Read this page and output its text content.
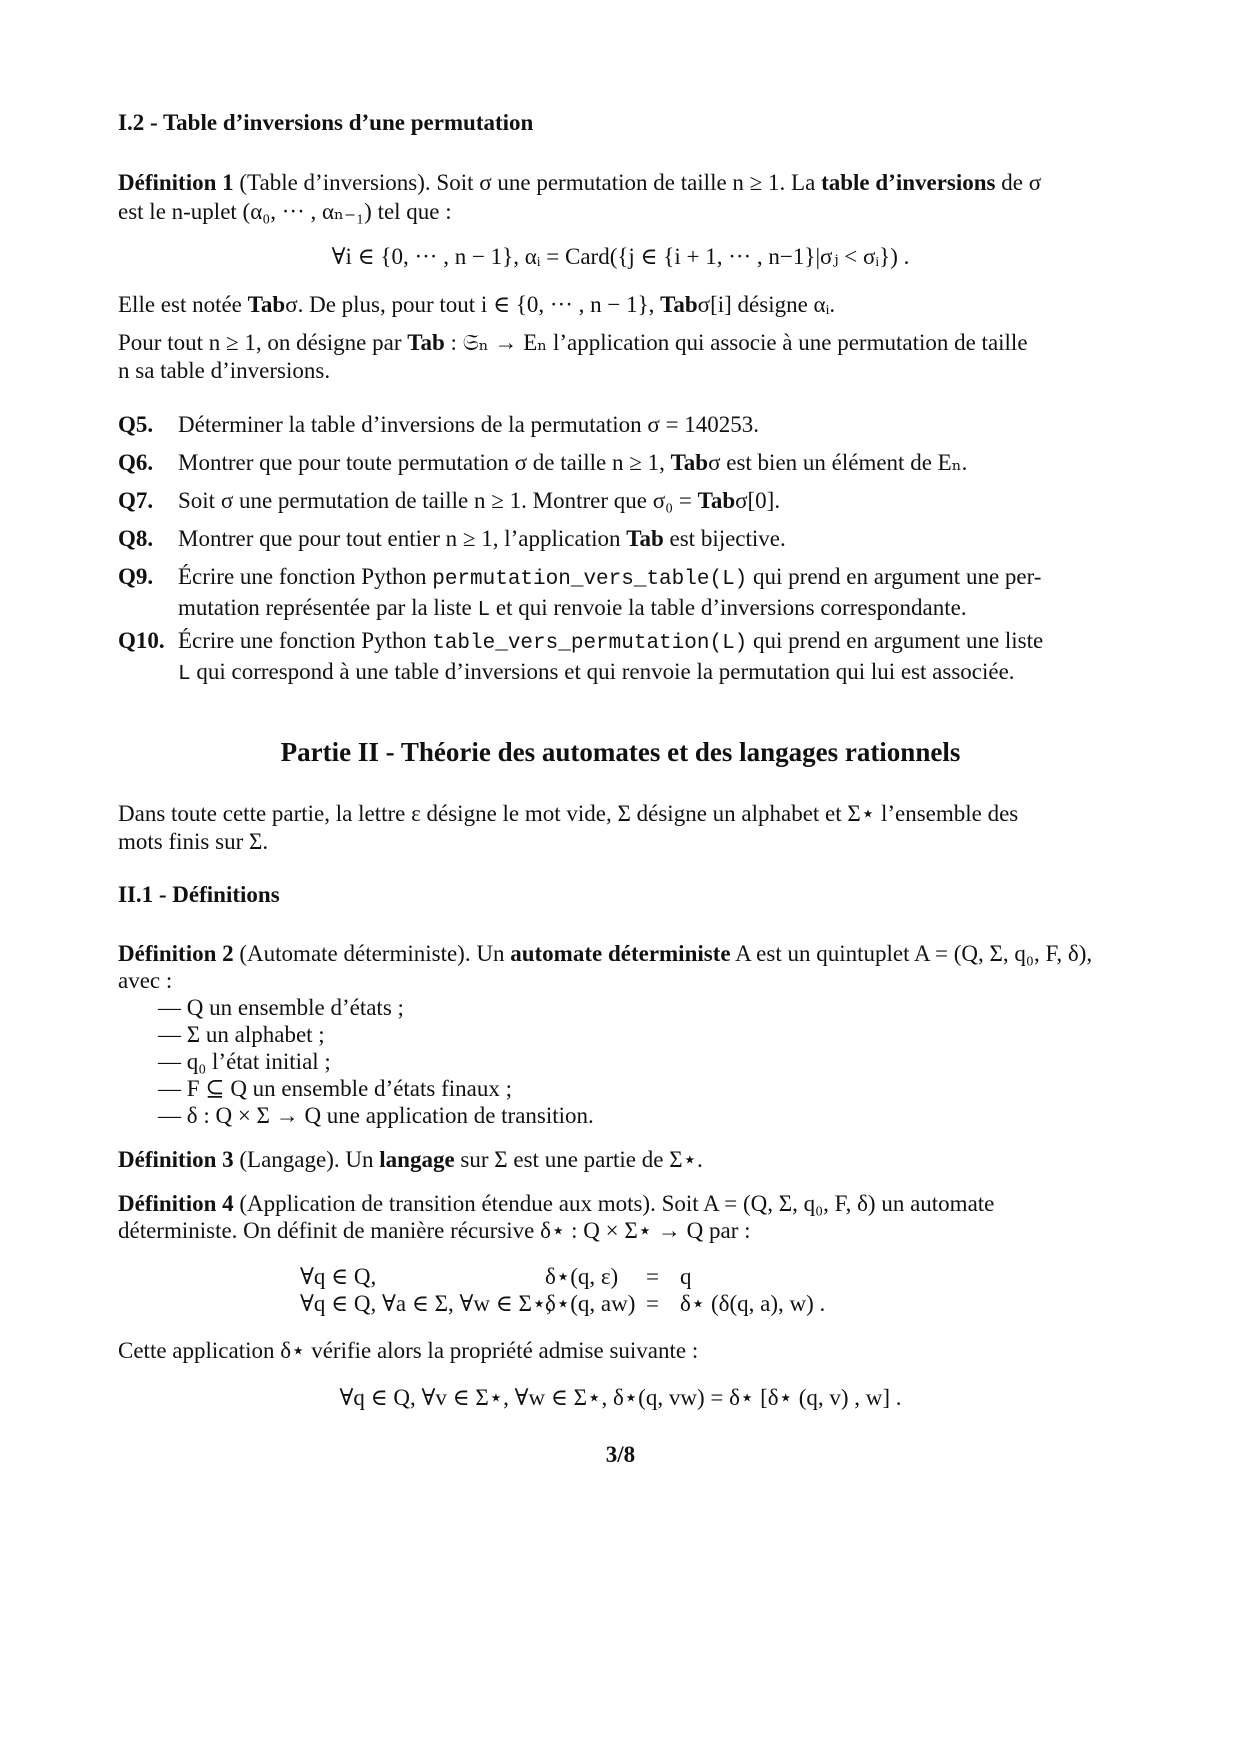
I.2 - Table d’inversions d’une permutation
Définition 1 (Table d’inversions). Soit σ une permutation de taille n ≥ 1. La table d’inversions de σ
est le n-uplet (α₀, ··· , αₙ₋₁) tel que :
∀i ∈ {0, ··· , n − 1}, αᵢ = Card({j ∈ {i + 1, ··· , n−1}|σⱼ < σᵢ}) .
Elle est notée Tabσ. De plus, pour tout i ∈ {0, ··· , n − 1}, Tabσ[i] désigne αᵢ.
Pour tout n ≥ 1, on désigne par Tab : 𝔖ₙ → Eₙ l’application qui associe à une permutation de taille
n sa table d’inversions.
Q5. Déterminer la table d’inversions de la permutation σ = 140253.
Q6. Montrer que pour toute permutation σ de taille n ≥ 1, Tabσ est bien un élément de Eₙ.
Q7. Soit σ une permutation de taille n ≥ 1. Montrer que σ₀ = Tabσ[0].
Q8. Montrer que pour tout entier n ≥ 1, l’application Tab est bijective.
Q9. Écrire une fonction Python permutation_vers_table(L) qui prend en argument une per-
mutation représentée par la liste L et qui renvoie la table d’inversions correspondante.
Q10. Écrire une fonction Python table_vers_permutation(L) qui prend en argument une liste
L qui correspond à une table d’inversions et qui renvoie la permutation qui lui est associée.
Partie II - Théorie des automates et des langages rationnels
Dans toute cette partie, la lettre ε désigne le mot vide, Σ désigne un alphabet et Σ⋆ l’ensemble des
mots finis sur Σ.
II.1 - Définitions
Définition 2 (Automate déterministe). Un automate déterministe A est un quintuplet A = (Q, Σ, q₀, F, δ),
avec :
— Q un ensemble d’états ;
— Σ un alphabet ;
— q₀ l’état initial ;
— F ⊆ Q un ensemble d’états finaux ;
— δ : Q × Σ → Q une application de transition.
Définition 3 (Langage). Un langage sur Σ est une partie de Σ⋆.
Définition 4 (Application de transition étendue aux mots). Soit A = (Q, Σ, q₀, F, δ) un automate
déterministe. On définit de manière récursive δ⋆ : Q × Σ⋆ → Q par :
∀q ∈ Q,	δ⋆(q, ε) = q
∀q ∈ Q, ∀a ∈ Σ, ∀w ∈ Σ⋆,
δ⋆(q, aw) = δ⋆ (δ(q, a), w) .
Cette application δ⋆ vérifie alors la propriété admise suivante :
∀q ∈ Q, ∀v ∈ Σ⋆, ∀w ∈ Σ⋆, δ⋆(q, vw) = δ⋆ [δ⋆ (q, v) , w] .
3/8
